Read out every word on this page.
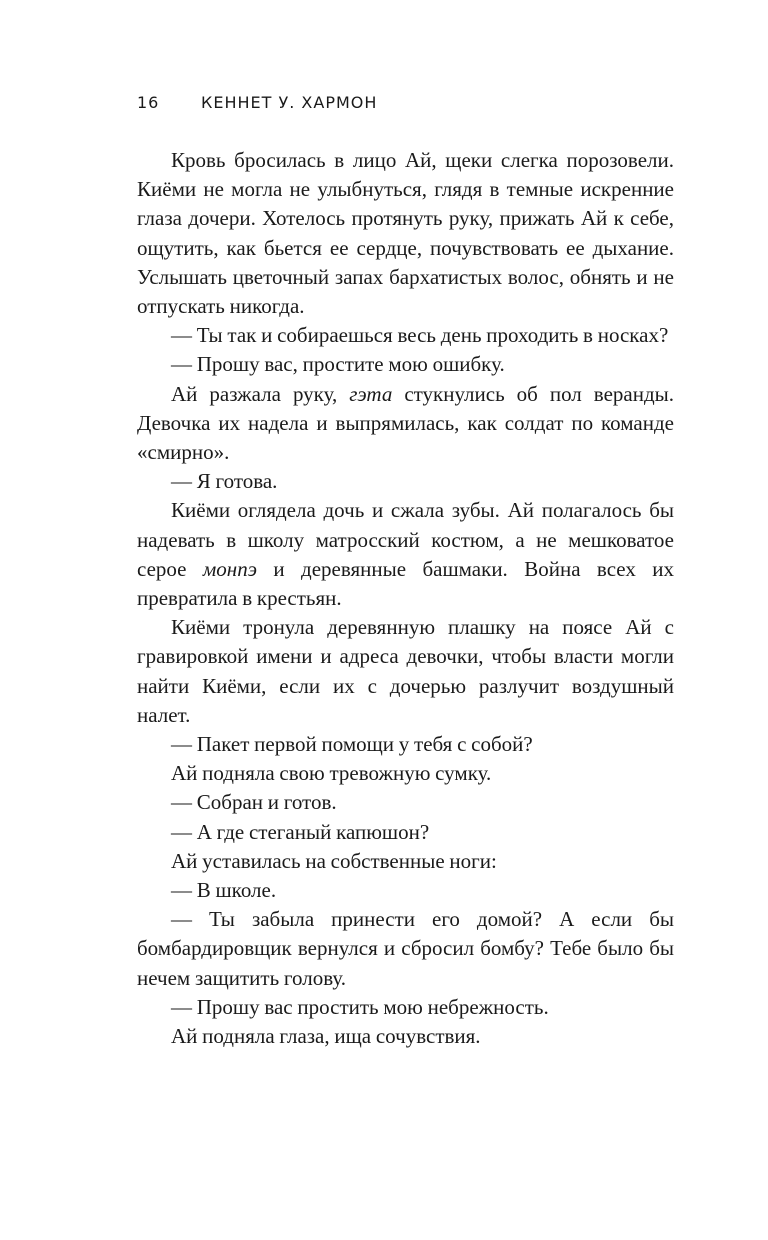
16	КЕННЕТ У. ХАРМОН

Кровь бросилась в лицо Ай, щеки слегка порозовели. Киёми не могла не улыбнуться, глядя в темные искренние глаза дочери. Хотелось протянуть руку, прижать Ай к себе, ощутить, как бьется ее сердце, почувствовать ее дыхание. Услышать цветочный запах бархатистых волос, обнять и не отпускать никогда.

— Ты так и собираешься весь день проходить в носках?

— Прошу вас, простите мою ошибку.

Ай разжала руку, гэта стукнулись об пол веранды. Девочка их надела и выпрямилась, как солдат по команде «смирно».

— Я готова.

Киёми оглядела дочь и сжала зубы. Ай полагалось бы надевать в школу матросский костюм, а не мешковатое серое монпэ и деревянные башмаки. Война всех их превратила в крестьян.

Киёми тронула деревянную плашку на поясе Ай с гравировкой имени и адреса девочки, чтобы власти могли найти Киёми, если их с дочерью разлучит воздушный налет.

— Пакет первой помощи у тебя с собой?

Ай подняла свою тревожную сумку.

— Собран и готов.

— А где стеганый капюшон?

Ай уставилась на собственные ноги:

— В школе.

— Ты забыла принести его домой? А если бы бомбардировщик вернулся и сбросил бомбу? Тебе было бы нечем защитить голову.

— Прошу вас простить мою небрежность.

Ай подняла глаза, ища сочувствия.
